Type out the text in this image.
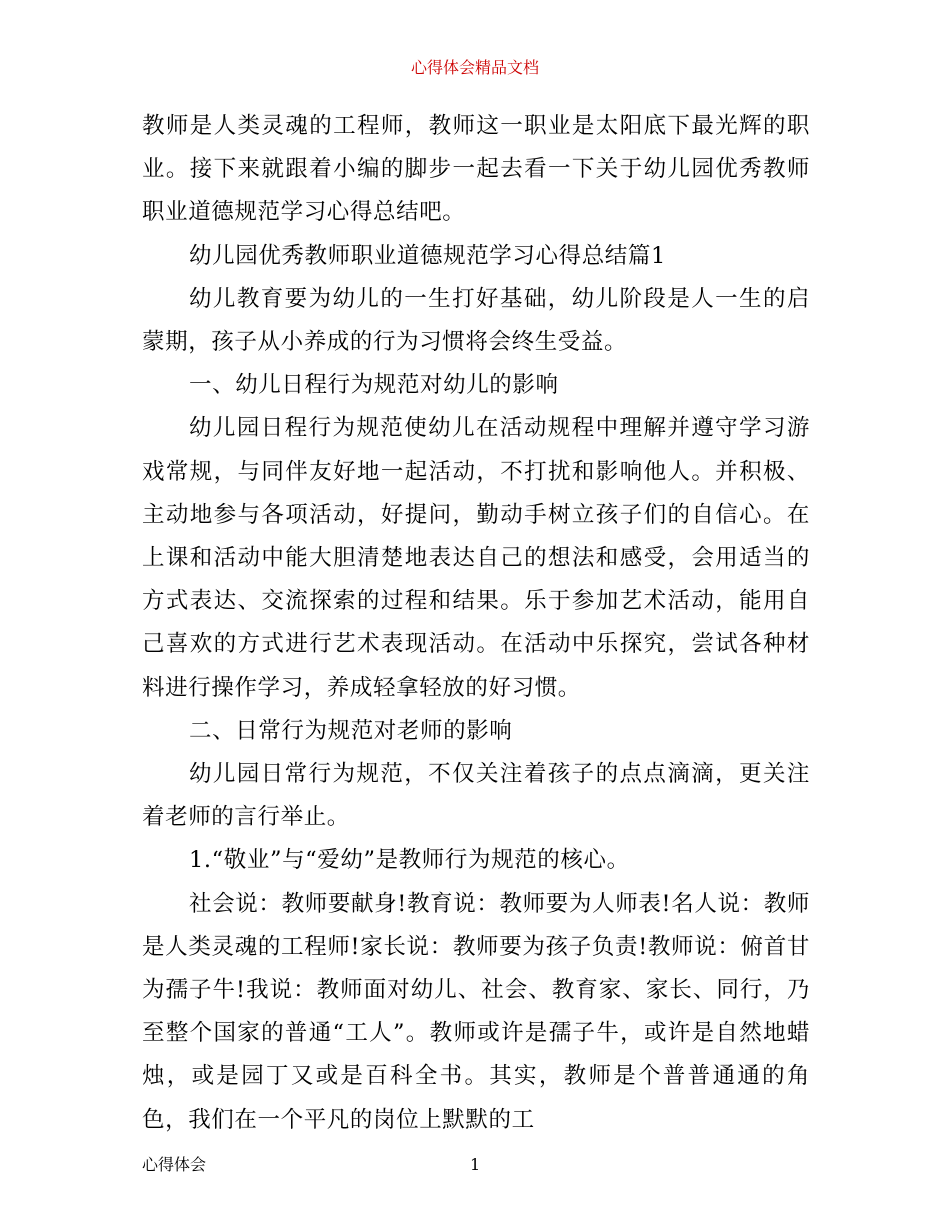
心得体会精品文档

教师是人类灵魂的工程师，教师这一职业是太阳底下最光辉的职业。接下来就跟着小编的脚步一起去看一下关于幼儿园优秀教师职业道德规范学习心得总结吧。

幼儿园优秀教师职业道德规范学习心得总结篇1

幼儿教育要为幼儿的一生打好基础，幼儿阶段是人一生的启蒙期，孩子从小养成的行为习惯将会终生受益。

一、幼儿日程行为规范对幼儿的影响

幼儿园日程行为规范使幼儿在活动规程中理解并遵守学习游戏常规，与同伴友好地一起活动，不打扰和影响他人。并积极、主动地参与各项活动，好提问，勤动手树立孩子们的自信心。在上课和活动中能大胆清楚地表达自己的想法和感受，会用适当的方式表达、交流探索的过程和结果。乐于参加艺术活动，能用自己喜欢的方式进行艺术表现活动。在活动中乐探究，尝试各种材料进行操作学习，养成轻拿轻放的好习惯。

二、日常行为规范对老师的影响

幼儿园日常行为规范，不仅关注着孩子的点点滴滴，更关注着老师的言行举止。

1.“敬业”与“爱幼”是教师行为规范的核心。

社会说：教师要献身!教育说：教师要为人师表!名人说：教师是人类灵魂的工程师!家长说：教师要为孩子负责!教师说：俯首甘为孺子牛!我说：教师面对幼儿、社会、教育家、家长、同行，乃至整个国家的普通“工人”。教师或许是孺子牛，或许是自然地蜡烛，或是园丁又或是百科全书。其实，教师是个普普通通的角色，我们在一个平凡的岗位上默默的工

心得体会	1
